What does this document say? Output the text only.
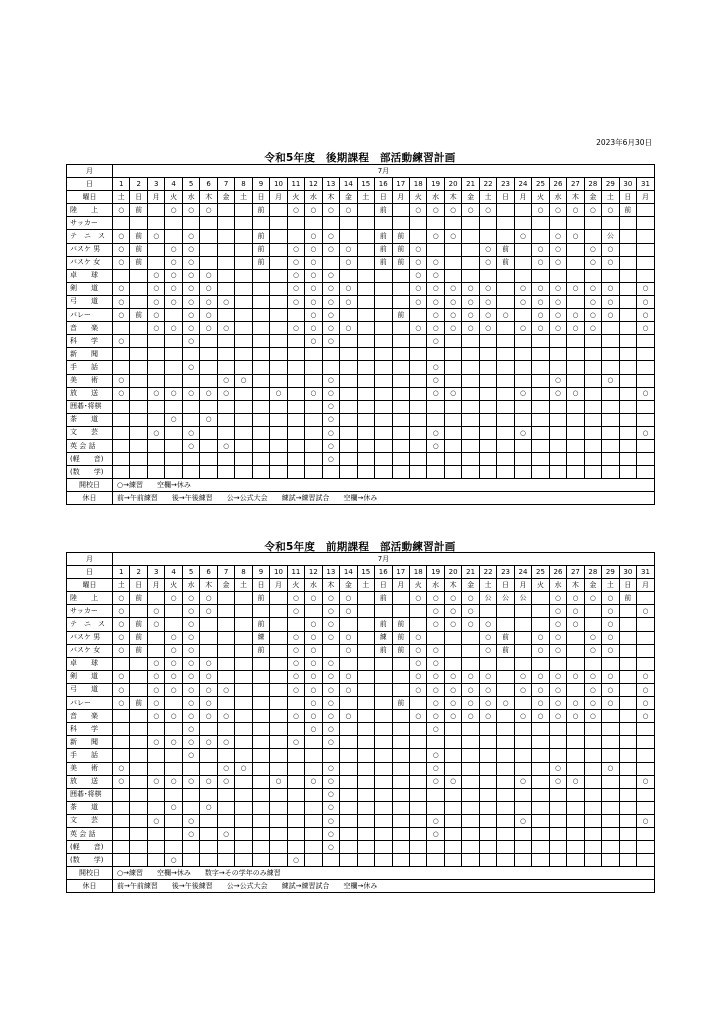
2023年6月30日
令和5年度　後期課程　部活動練習計画
月	7月																														
日	1	2	3	4	5	6	7	8	9	10	11	12	13	14	15	16	17	18	19	20	21	22	23	24	25	26	27	28	29	30	31
曜日	土	日	月	火	水	木	金	土	日	月	火	水	木	金	土	日	月	火	水	木	金	土	日	月	火	水	木	金	土	日	月
陸　　上	○	前		○	○	○			前		○	○	○	○		前		○	○	○	○	○			○	○	○	○	○	前	
サッカー																															
テ　ニ　ス	○	前	○		○				前			○	○			前	前		○	○				○		○	○		公		
バスケ 男	○	前		○	○				前		○	○	○	○		前	前	○				○	前		○	○		○	○		
バスケ 女	○	前		○	○				前		○	○		○		前	前	○	○			○	前		○	○		○	○		
卓　　球			○	○	○	○					○	○	○					○	○												
剣　　道	○		○	○	○	○					○	○	○	○				○	○	○	○	○		○	○	○	○	○	○		○
弓　　道	○		○	○	○	○	○				○	○	○	○				○	○	○	○	○		○	○	○		○	○		○
バレー	○	前	○		○	○						○	○				前		○	○	○	○	○		○	○	○	○	○		○
音　　楽			○	○	○	○	○				○	○	○	○				○	○	○	○	○		○	○	○	○	○			○
科　　学	○				○							○	○						○												
新　　聞																															
手　　話					○														○												
美　　術	○						○	○					○						○							○			○		
放　　送	○		○	○	○	○	○			○		○	○						○	○				○		○	○				○
囲碁･将棋													○																		
茶　　道				○		○							○																		
文　　芸			○		○								○						○					○							○
英 会 話					○		○						○						○												
(軽　　音)													○																		
(数　　学)																															
開校日	○→練習　　空欄→休み																														
休日	前→午前練習　　後→午後練習　　公→公式大会　　練試→練習試合　　空欄→休み																														
令和5年度　前期課程　部活動練習計画
月	7月																														
日	1	2	3	4	5	6	7	8	9	10	11	12	13	14	15	16	17	18	19	20	21	22	23	24	25	26	27	28	29	30	31
曜日	土	日	月	火	水	木	金	土	日	月	火	水	木	金	土	日	月	火	水	木	金	土	日	月	火	水	木	金	土	日	月
陸　　上	○	前		○	○	○			前		○	○	○	○		前		○	○	○	○	公	公	公		○	○	○	○	前	
サッカー	○		○		○	○					○		○	○					○	○	○					○	○		○		○
テ　ニ　ス	○	前	○		○				前			○	○			前	前		○	○	○	○				○	○		○		
バスケ 男	○	前		○	○				練		○	○	○	○		練	前	○				○	前		○	○		○	○		
バスケ 女	○	前		○	○				前		○	○		○		前	前	○	○			○	前		○	○		○	○		
卓　　球			○	○	○	○					○	○	○					○	○												
剣　　道	○		○	○	○	○					○	○	○	○				○	○	○	○	○		○	○	○	○	○	○		○
弓　　道	○		○	○	○	○	○				○	○	○	○				○	○	○	○	○		○	○	○		○	○		○
バレー	○	前	○		○	○						○	○				前		○	○	○	○	○		○	○	○	○	○		○
音　　楽			○	○	○	○	○				○	○	○	○				○	○	○	○	○		○	○	○	○	○			○
科　　学					○							○	○						○												
新　　聞			○	○	○	○	○				○		○																		
手　　話					○														○												
美　　術	○						○	○					○						○							○			○		
放　　送	○		○	○	○	○	○			○		○	○						○	○				○		○	○				○
囲碁･将棋													○																		
茶　　道				○		○							○																		
文　　芸			○		○								○						○					○							○
英 会 話					○		○						○						○												
(軽　　音)													○																		
(数　　学)				○							○																				
開校日	○→練習　　空欄→休み　　数字→その学年のみ練習																														
休日	前→午前練習　　後→午後練習　　公→公式大会　　練試→練習試合　　空欄→休み																														
